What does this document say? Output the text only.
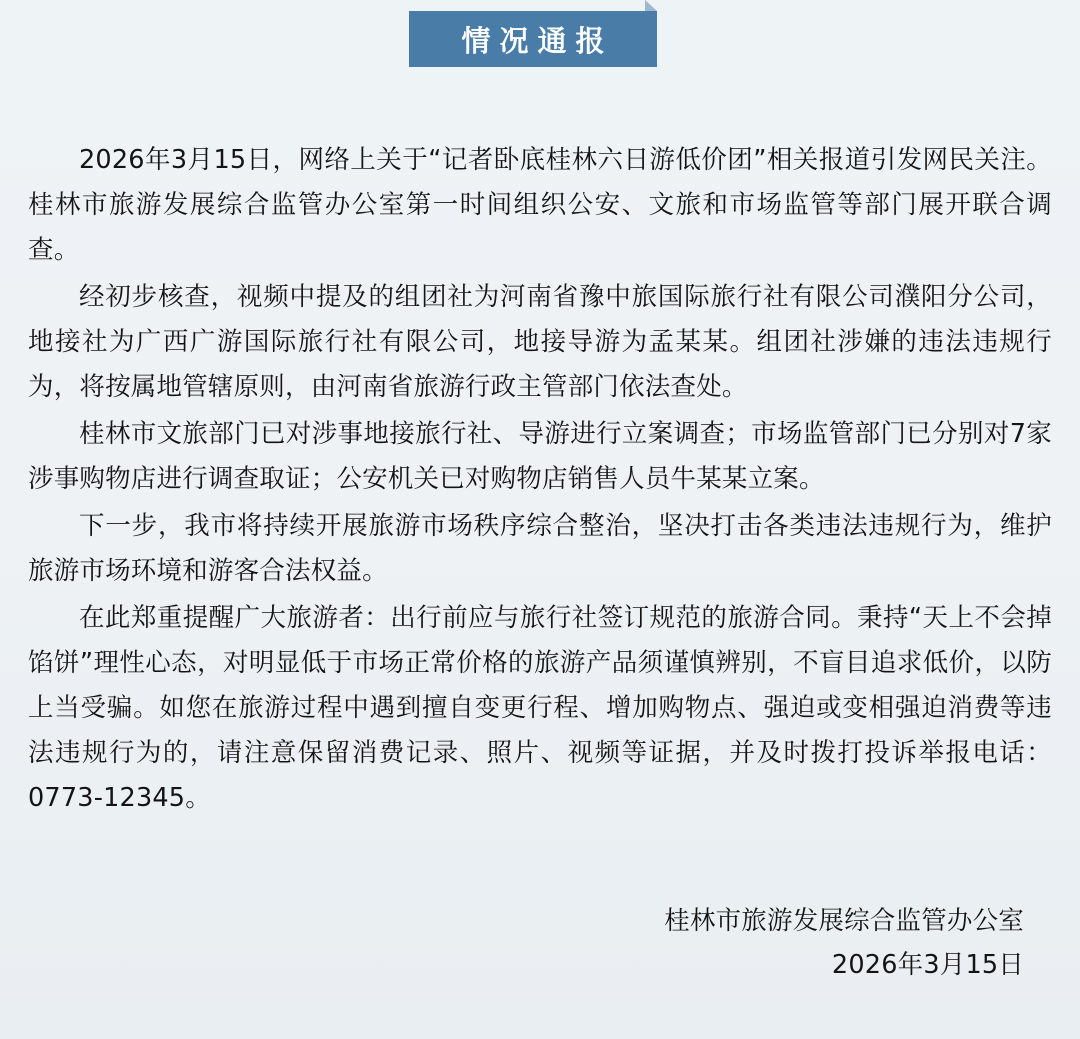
情况通报

2026年3月15日，网络上关于“记者卧底桂林六日游低价团”相关报道引发网民关注。桂林市旅游发展综合监管办公室第一时间组织公安、文旅和市场监管等部门展开联合调查。

经初步核查，视频中提及的组团社为河南省豫中旅国际旅行社有限公司濮阳分公司，地接社为广西广游国际旅行社有限公司，地接导游为孟某某。组团社涉嫌的违法违规行为，将按属地管辖原则，由河南省旅游行政主管部门依法查处。

桂林市文旅部门已对涉事地接旅行社、导游进行立案调查；市场监管部门已分别对7家涉事购物店进行调查取证；公安机关已对购物店销售人员牛某某立案。

下一步，我市将持续开展旅游市场秩序综合整治，坚决打击各类违法违规行为，维护旅游市场环境和游客合法权益。

在此郑重提醒广大旅游者：出行前应与旅行社签订规范的旅游合同。秉持“天上不会掉馅饼”理性心态，对明显低于市场正常价格的旅游产品须谨慎辨别，不盲目追求低价，以防上当受骗。如您在旅游过程中遇到擅自变更行程、增加购物点、强迫或变相强迫消费等违法违规行为的，请注意保留消费记录、照片、视频等证据，并及时拨打投诉举报电话：0773-12345。

桂林市旅游发展综合监管办公室
2026年3月15日
